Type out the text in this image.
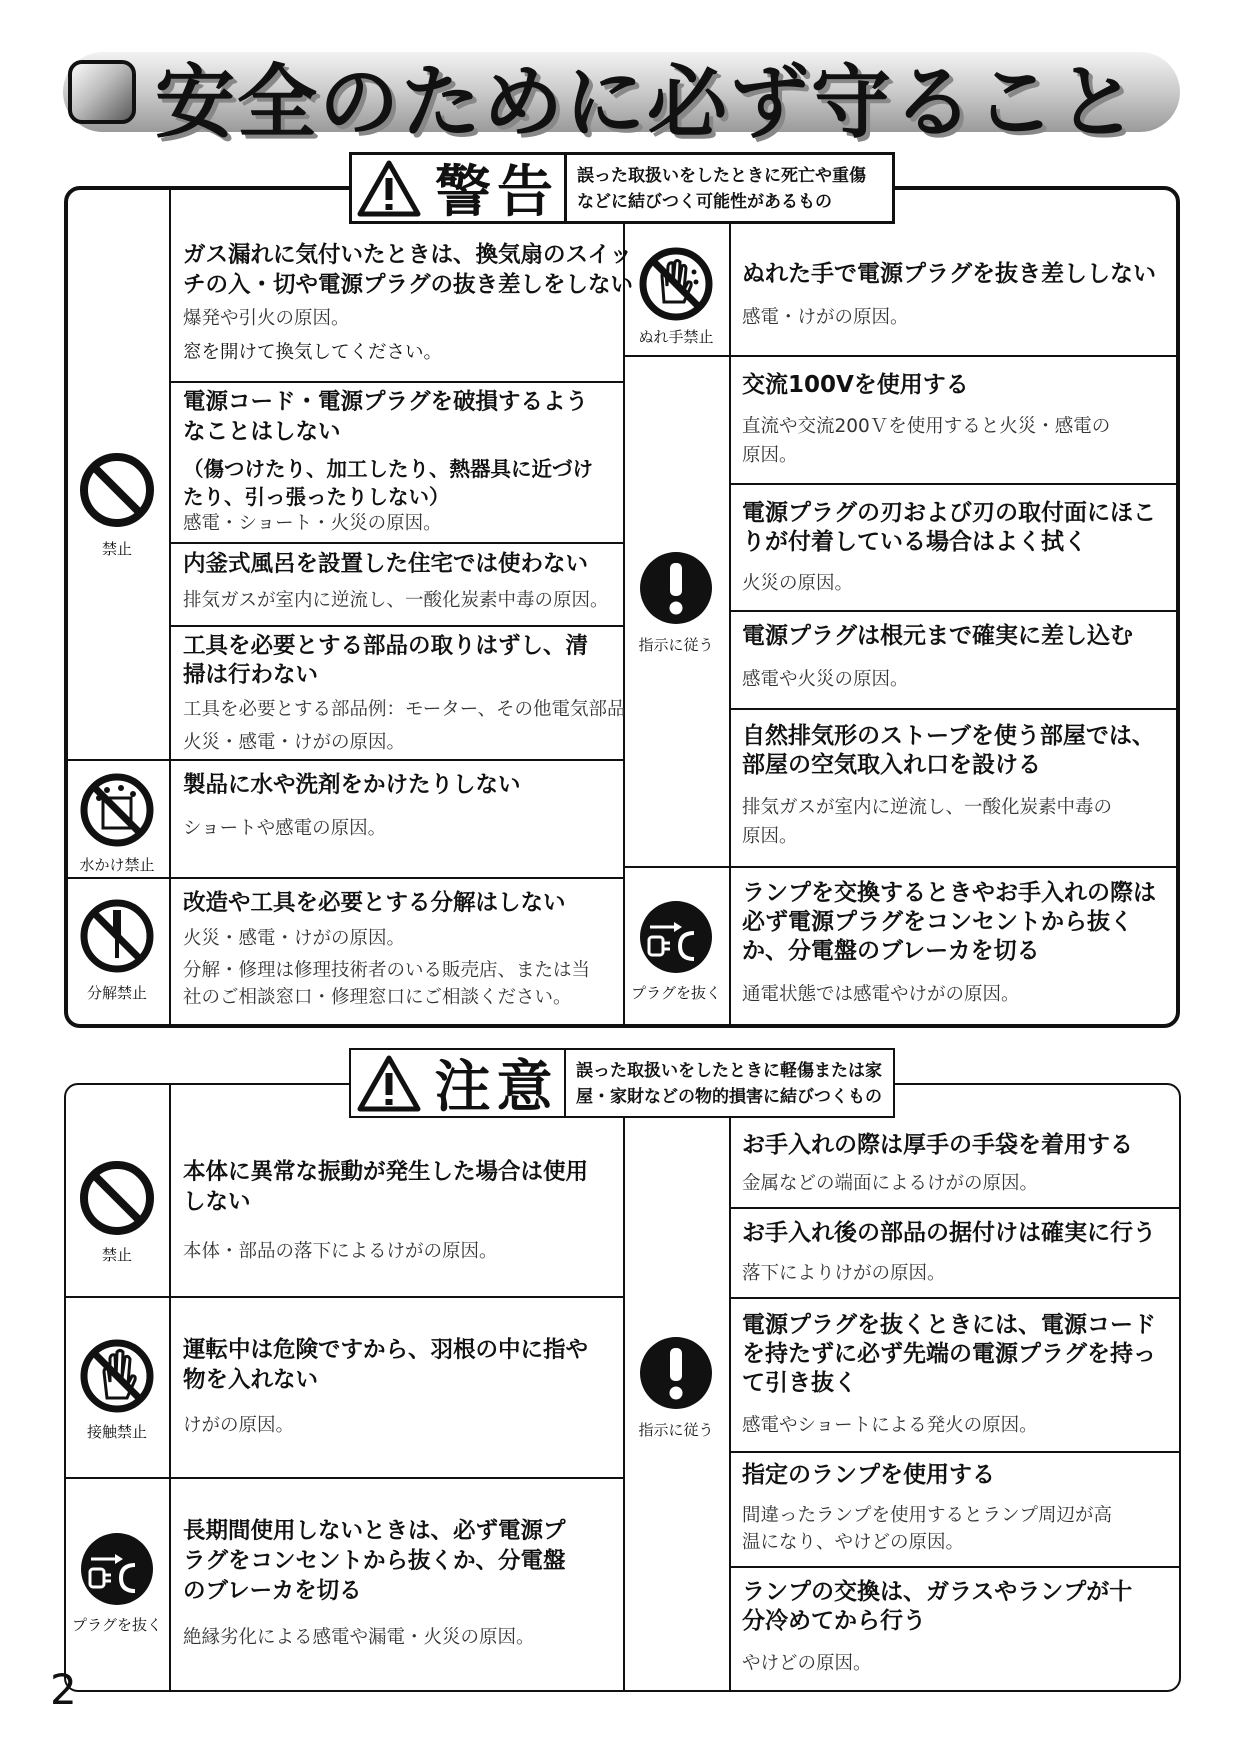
安全のために必ず守ること
警告 誤った取扱いをしたときに死亡や重傷
などに結びつく可能性があるもの
禁止
水かけ禁止
分解禁止
ぬれ手禁止
指示に従う
プラグを抜く
ガス漏れに気付いたときは、換気扇のスイッ
チの入・切や電源プラグの抜き差しをしない
爆発や引火の原因。
窓を開けて換気してください。
電源コード・電源プラグを破損するよう
なことはしない
（傷つけたり、加工したり、熱器具に近づけ
たり、引っ張ったりしない）
感電・ショート・火災の原因。
内釜式風呂を設置した住宅では使わない
排気ガスが室内に逆流し、一酸化炭素中毒の原因。
工具を必要とする部品の取りはずし、清
掃は行わない
工具を必要とする部品例：モーター、その他電気部品
火災・感電・けがの原因。
製品に水や洗剤をかけたりしない
ショートや感電の原因。
改造や工具を必要とする分解はしない
火災・感電・けがの原因。
分解・修理は修理技術者のいる販売店、または当
社のご相談窓口・修理窓口にご相談ください。
ぬれた手で電源プラグを抜き差ししない
感電・けがの原因。
交流100Vを使用する
直流や交流200Ｖを使用すると火災・感電の
原因。
電源プラグの刃および刃の取付面にほこ
りが付着している場合はよく拭く
火災の原因。
電源プラグは根元まで確実に差し込む
感電や火災の原因。
自然排気形のストーブを使う部屋では、
部屋の空気取入れ口を設ける
排気ガスが室内に逆流し、一酸化炭素中毒の
原因。
ランプを交換するときやお手入れの際は
必ず電源プラグをコンセントから抜く
か、分電盤のブレーカを切る
通電状態では感電やけがの原因。
注意 誤った取扱いをしたときに軽傷または家
屋・家財などの物的損害に結びつくもの
禁止
接触禁止
プラグを抜く
指示に従う
本体に異常な振動が発生した場合は使用
しない
本体・部品の落下によるけがの原因。
運転中は危険ですから、羽根の中に指や
物を入れない
けがの原因。
長期間使用しないときは、必ず電源プ
ラグをコンセントから抜くか、分電盤
のブレーカを切る
絶縁劣化による感電や漏電・火災の原因。
お手入れの際は厚手の手袋を着用する
金属などの端面によるけがの原因。
お手入れ後の部品の据付けは確実に行う
落下によりけがの原因。
電源プラグを抜くときには、電源コード
を持たずに必ず先端の電源プラグを持っ
て引き抜く
感電やショートによる発火の原因。
指定のランプを使用する
間違ったランプを使用するとランプ周辺が高
温になり、やけどの原因。
ランプの交換は、ガラスやランプが十
分冷めてから行う
やけどの原因。
2
